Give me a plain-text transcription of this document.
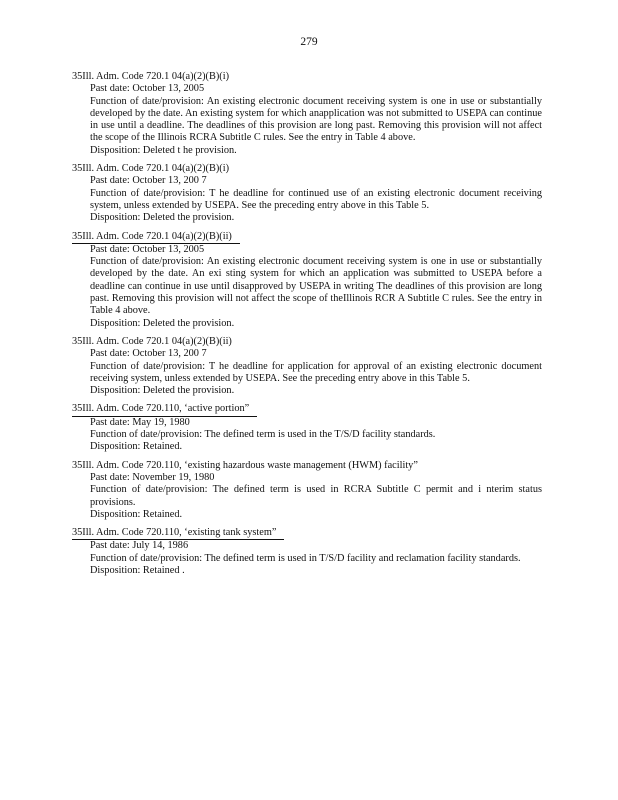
279
35Ill. Adm. Code 720.1 04(a)(2)(B)(i)
Past date: October 13, 2005
Function of date/provision: An existing electronic document receiving system is one in use or substantially developed by the date. An existing system for which anapplication was not submitted to USEPA can continue in use until a deadline. The deadlines of this provision are long past. Removing this provision will not affect the scope of the Illinois RCRA Subtitle C rules. See the entry in Table 4 above.
Disposition: Deleted t he provision.
35Ill. Adm. Code 720.1 04(a)(2)(B)(i)
Past date: October 13, 200 7
Function of date/provision: T he deadline for continued use of an existing electronic document receiving system, unless extended by USEPA. See the preceding entry above in this Table 5.
Disposition: Deleted the provision.
35Ill. Adm. Code 720.1 04(a)(2)(B)(ii)
Past date: October 13, 2005
Function of date/provision: An existing electronic document receiving system is one in use or substantially developed by the date. An exi sting system for which an application was submitted to USEPA before a deadline can continue in use until disapproved by USEPA in writing The deadlines of this provision are long past. Removing this provision will not affect the scope of theIllinois RCR A Subtitle C rules. See the entry in Table 4 above.
Disposition: Deleted the provision.
35Ill. Adm. Code 720.1 04(a)(2)(B)(ii)
Past date: October 13, 200 7
Function of date/provision: T he deadline for application for approval of an existing electronic document receiving system, unless extended by USEPA. See the preceding entry above in this Table 5.
Disposition: Deleted the provision.
35Ill. Adm. Code 720.110, ‘active portion”
Past date: May 19, 1980
Function of date/provision: The defined term is used in the T/S/D facility standards.
Disposition: Retained.
35Ill. Adm. Code 720.110, ‘existing hazardous waste management (HWM) facility”
Past date: November 19, 1980
Function of date/provision: The defined term is used in RCRA Subtitle C permit and i nterim status provisions.
Disposition: Retained.
35Ill. Adm. Code 720.110, ‘existing tank system”
Past date: July 14, 1986
Function of date/provision: The defined term is used in T/S/D facility and reclamation facility standards.
Disposition: Retained .
